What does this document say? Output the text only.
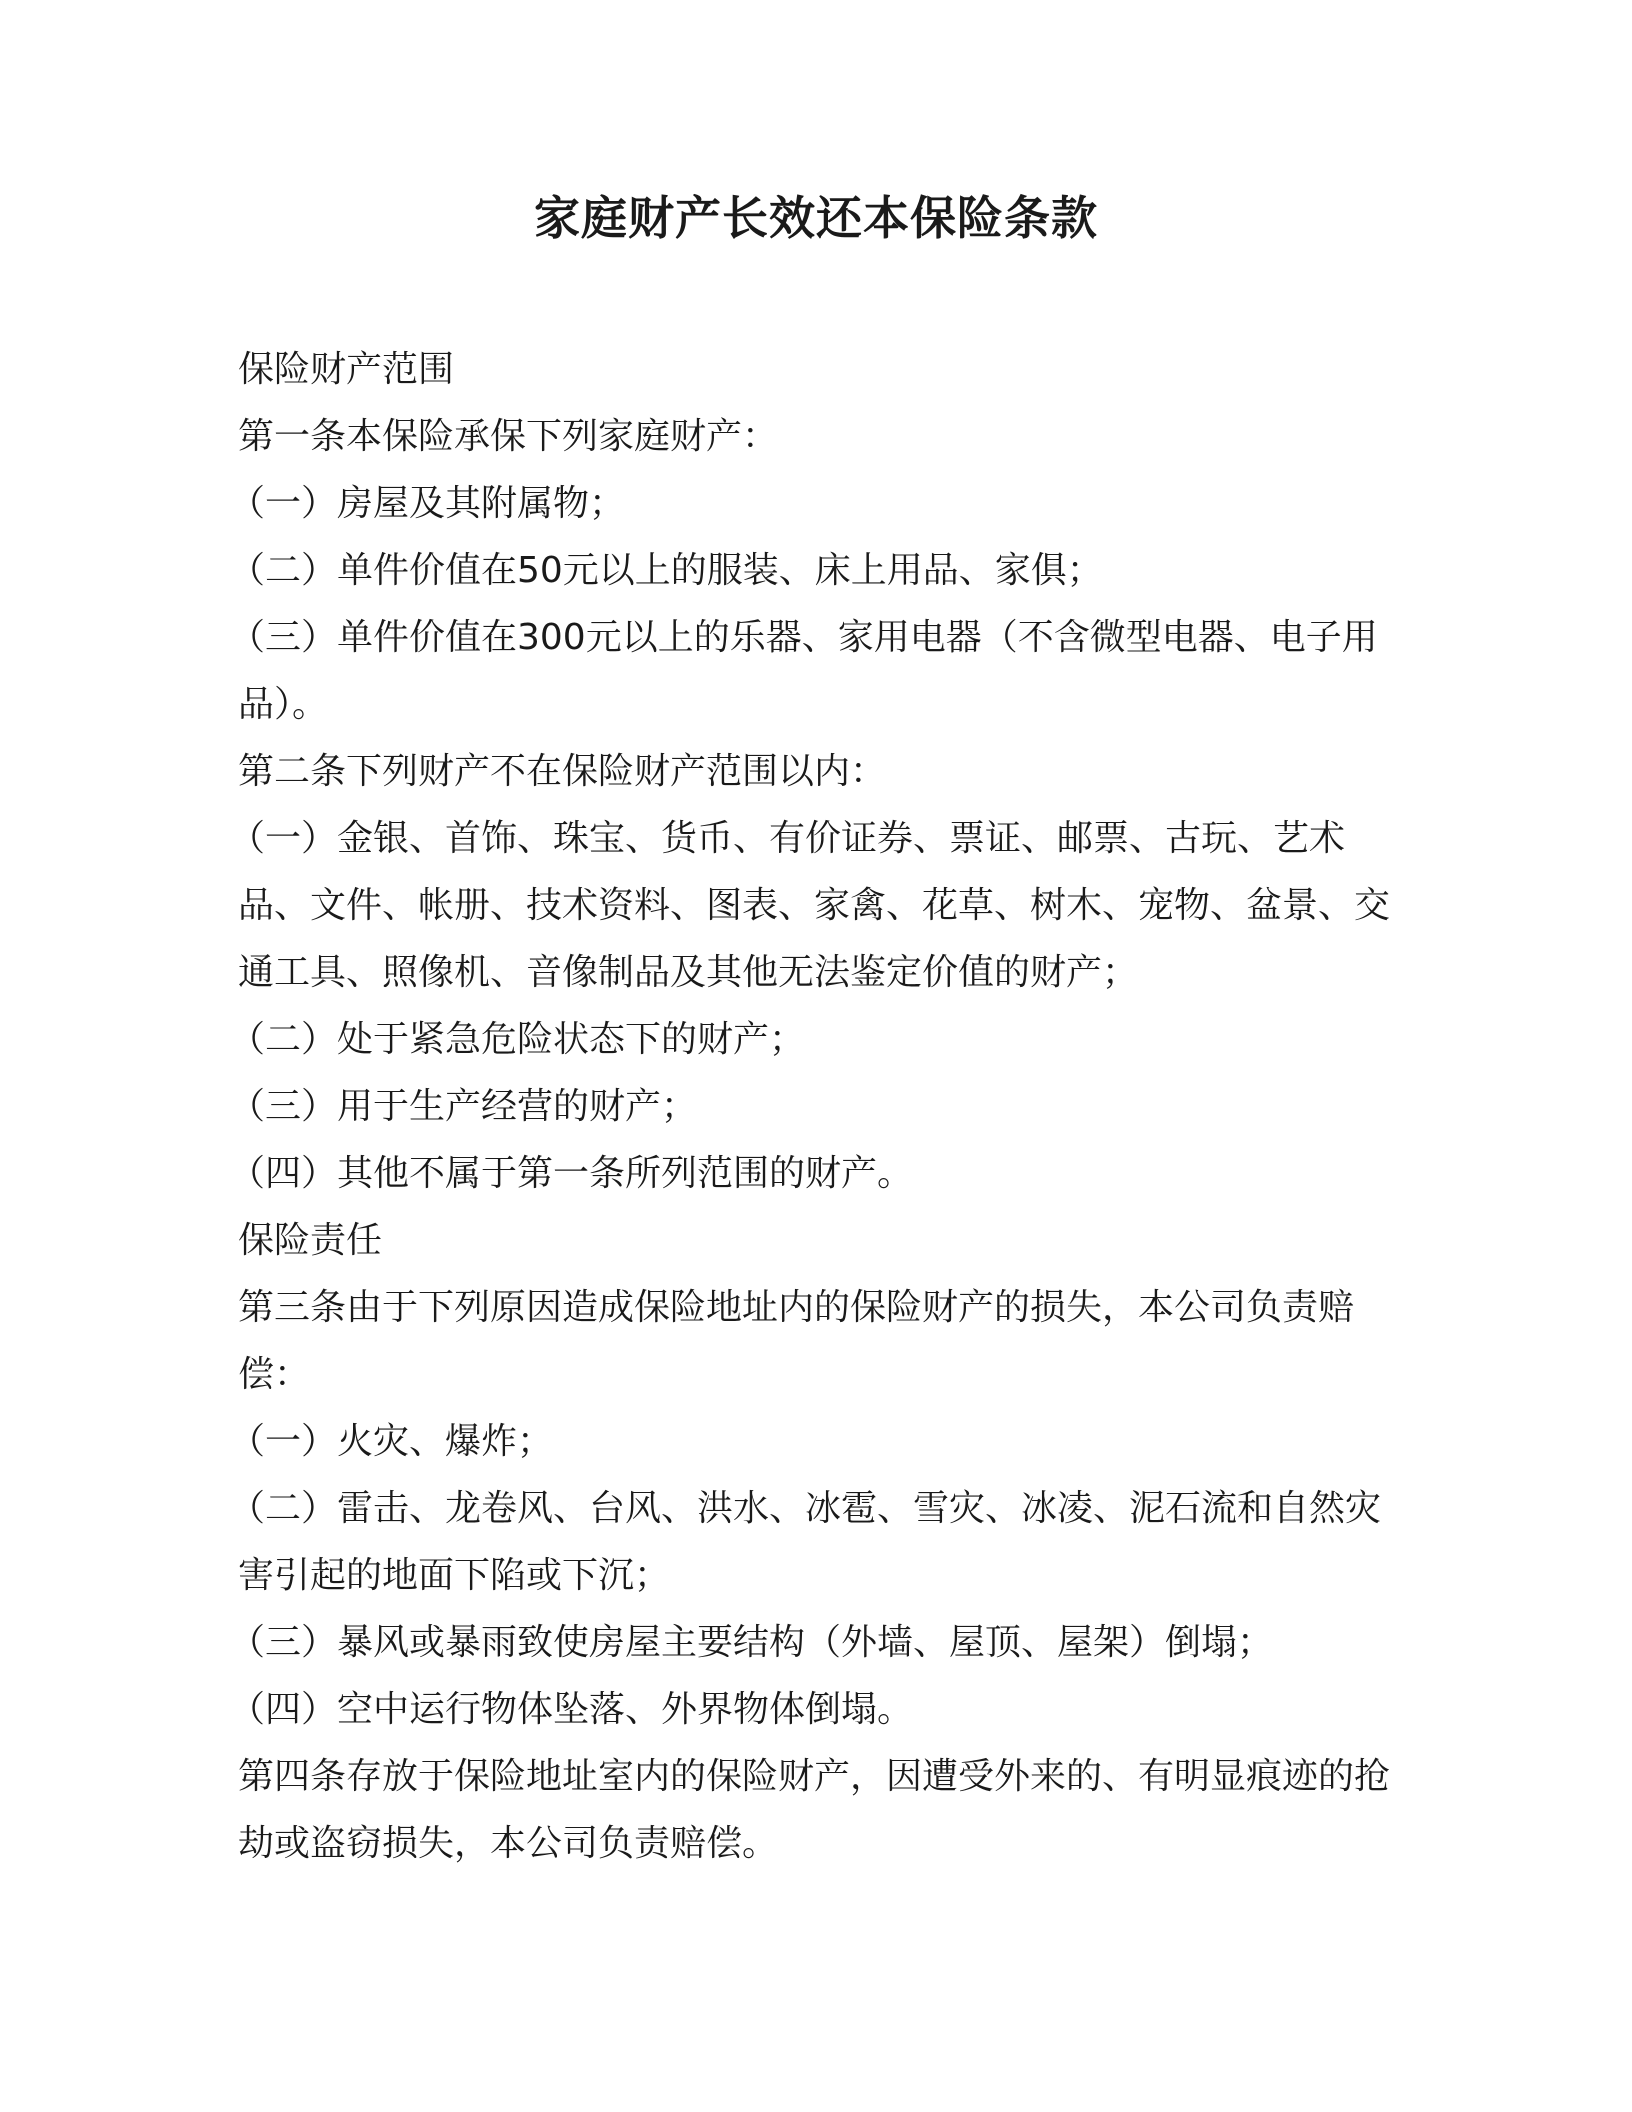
家庭财产长效还本保险条款

保险财产范围

第一条本保险承保下列家庭财产：

（一）房屋及其附属物；

（二）单件价值在50元以上的服装、床上用品、家俱；

（三）单件价值在300元以上的乐器、家用电器（不含微型电器、电子用品）。

第二条下列财产不在保险财产范围以内：

（一）金银、首饰、珠宝、货币、有价证券、票证、邮票、古玩、艺术品、文件、帐册、技术资料、图表、家禽、花草、树木、宠物、盆景、交通工具、照像机、音像制品及其他无法鉴定价值的财产；

（二）处于紧急危险状态下的财产；

（三）用于生产经营的财产；

（四）其他不属于第一条所列范围的财产。

保险责任

第三条由于下列原因造成保险地址内的保险财产的损失，本公司负责赔偿：

（一）火灾、爆炸；

（二）雷击、龙卷风、台风、洪水、冰雹、雪灾、冰凌、泥石流和自然灾害引起的地面下陷或下沉；

（三）暴风或暴雨致使房屋主要结构（外墙、屋顶、屋架）倒塌；

（四）空中运行物体坠落、外界物体倒塌。

第四条存放于保险地址室内的保险财产，因遭受外来的、有明显痕迹的抢劫或盗窃损失，本公司负责赔偿。
